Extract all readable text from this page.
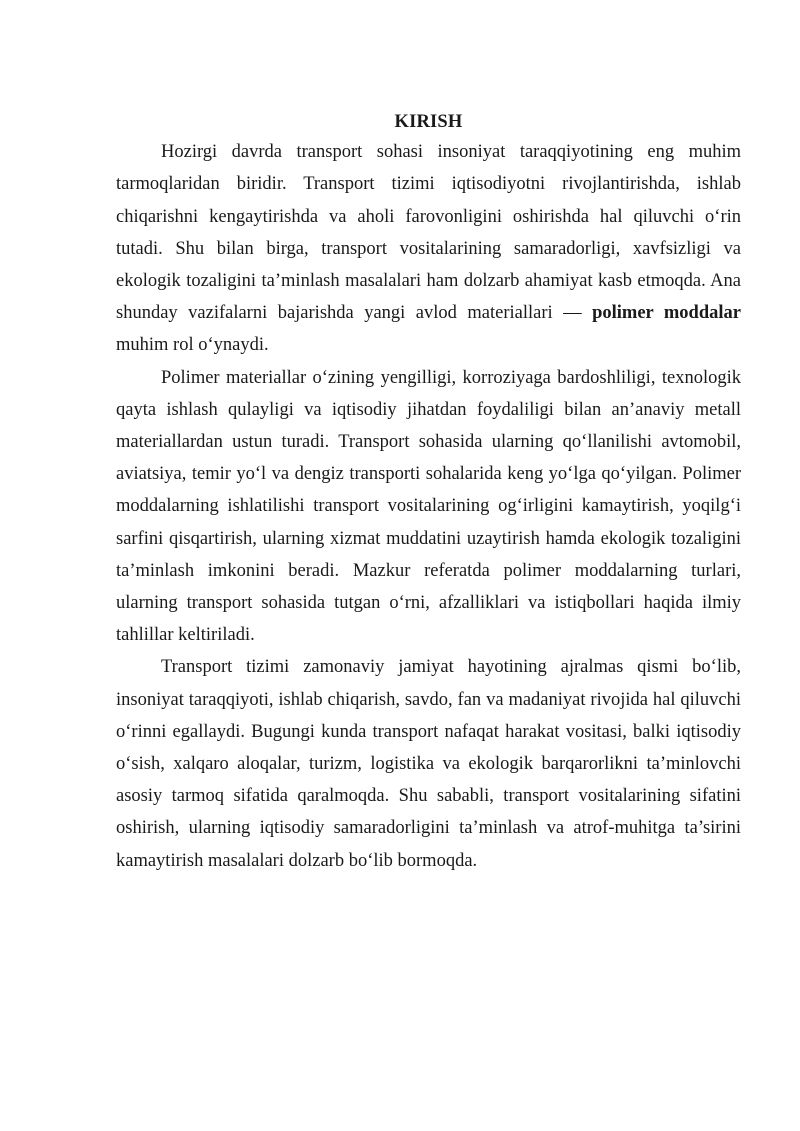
KIRISH

Hozirgi davrda transport sohasi insoniyat taraqqiyotining eng muhim tarmoqlaridan biridir. Transport tizimi iqtisodiyotni rivojlantirishda, ishlab chiqarishni kengaytirishda va aholi farovonligini oshirishda hal qiluvchi o‘rin tutadi. Shu bilan birga, transport vositalarining samaradorligi, xavfsizligi va ekologik tozaligini ta’minlash masalalari ham dolzarb ahamiyat kasb etmoqda. Ana shunday vazifalarni bajarishda yangi avlod materiallari — polimer moddalar muhim rol o‘ynaydi.

Polimer materiallar o‘zining yengilligi, korroziyaga bardoshliligi, texnologik qayta ishlash qulayligi va iqtisodiy jihatdan foydaliligi bilan an’anaviy metall materiallardan ustun turadi. Transport sohasida ularning qo‘llanilishi avtomobil, aviatsiya, temir yo‘l va dengiz transporti sohalarida keng yo‘lga qo‘yilgan. Polimer moddalarning ishlatilishi transport vositalarining og‘irligini kamaytirish, yoqilg‘i sarfini qisqartirish, ularning xizmat muddatini uzaytirish hamda ekologik tozaligini ta’minlash imkonini beradi. Mazkur referatda polimer moddalarning turlari, ularning transport sohasida tutgan o‘rni, afzalliklari va istiqbollari haqida ilmiy tahlillar keltiriladi.

Transport tizimi zamonaviy jamiyat hayotining ajralmas qismi bo‘lib, insoniyat taraqqiyoti, ishlab chiqarish, savdo, fan va madaniyat rivojida hal qiluvchi o‘rinni egallaydi. Bugungi kunda transport nafaqat harakat vositasi, balki iqtisodiy o‘sish, xalqaro aloqalar, turizm, logistika va ekologik barqarorlikni ta’minlovchi asosiy tarmoq sifatida qaralmoqda. Shu sababli, transport vositalarining sifatini oshirish, ularning iqtisodiy samaradorligini ta’minlash va atrof-muhitga ta’sirini kamaytirish masalalari dolzarb bo‘lib bormoqda.
